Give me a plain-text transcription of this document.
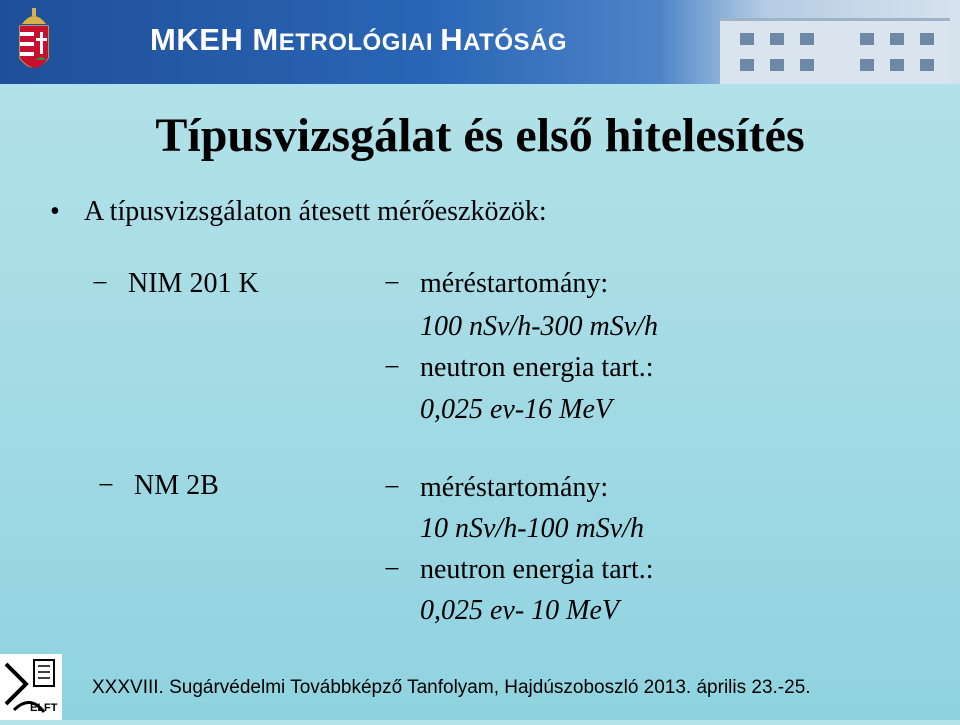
MKEH METROLÓGIAI HATÓSÁG
Típusvizsgálat és első hitelesítés
• A típusvizsgálaton átesett mérőeszközök:
− NIM 201 K	− méréstartomány:
100 nSv/h-300 mSv/h
− neutron energia tart.:
0,025 ev-16 MeV
− NM 2B	− méréstartomány:
10 nSv/h-100 mSv/h
− neutron energia tart.:
0,025 ev- 10 MeV
ELFT
XXXVIII. Sugárvédelmi Továbbképző Tanfolyam, Hajdúszoboszló 2013. április 23.-25.
